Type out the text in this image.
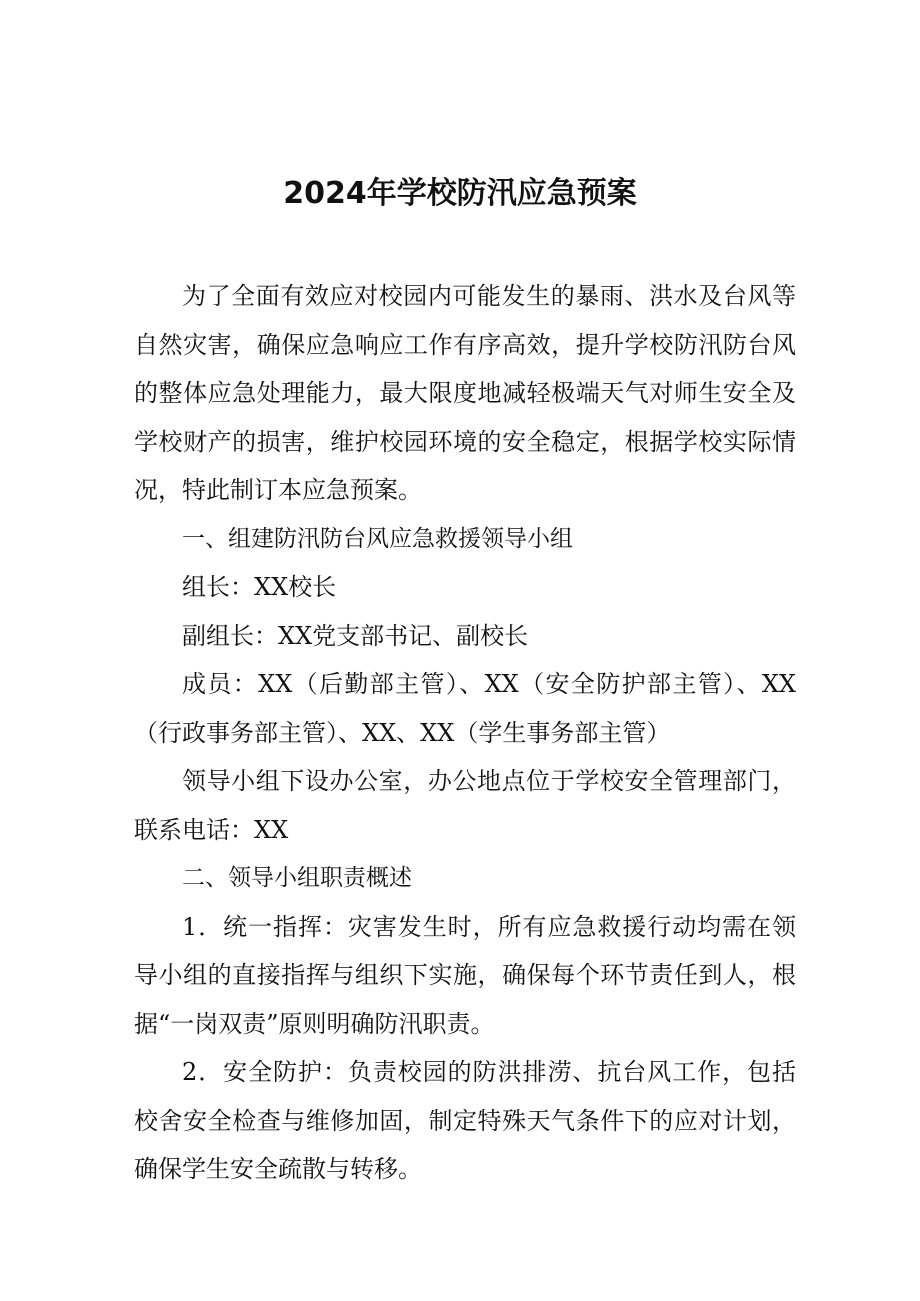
2024年学校防汛应急预案

为了全面有效应对校园内可能发生的暴雨、洪水及台风等自然灾害，确保应急响应工作有序高效，提升学校防汛防台风的整体应急处理能力，最大限度地减轻极端天气对师生安全及学校财产的损害，维护校园环境的安全稳定，根据学校实际情况，特此制订本应急预案。

一、组建防汛防台风应急救援领导小组

组长：XX校长

副组长：XX党支部书记、副校长

成员：XX（后勤部主管）、XX（安全防护部主管）、XX（行政事务部主管）、XX、XX（学生事务部主管）

领导小组下设办公室，办公地点位于学校安全管理部门，联系电话：XX

二、领导小组职责概述

1．统一指挥：灾害发生时，所有应急救援行动均需在领导小组的直接指挥与组织下实施，确保每个环节责任到人，根据“一岗双责”原则明确防汛职责。

2．安全防护：负责校园的防洪排涝、抗台风工作，包括校舍安全检查与维修加固，制定特殊天气条件下的应对计划，确保学生安全疏散与转移。
